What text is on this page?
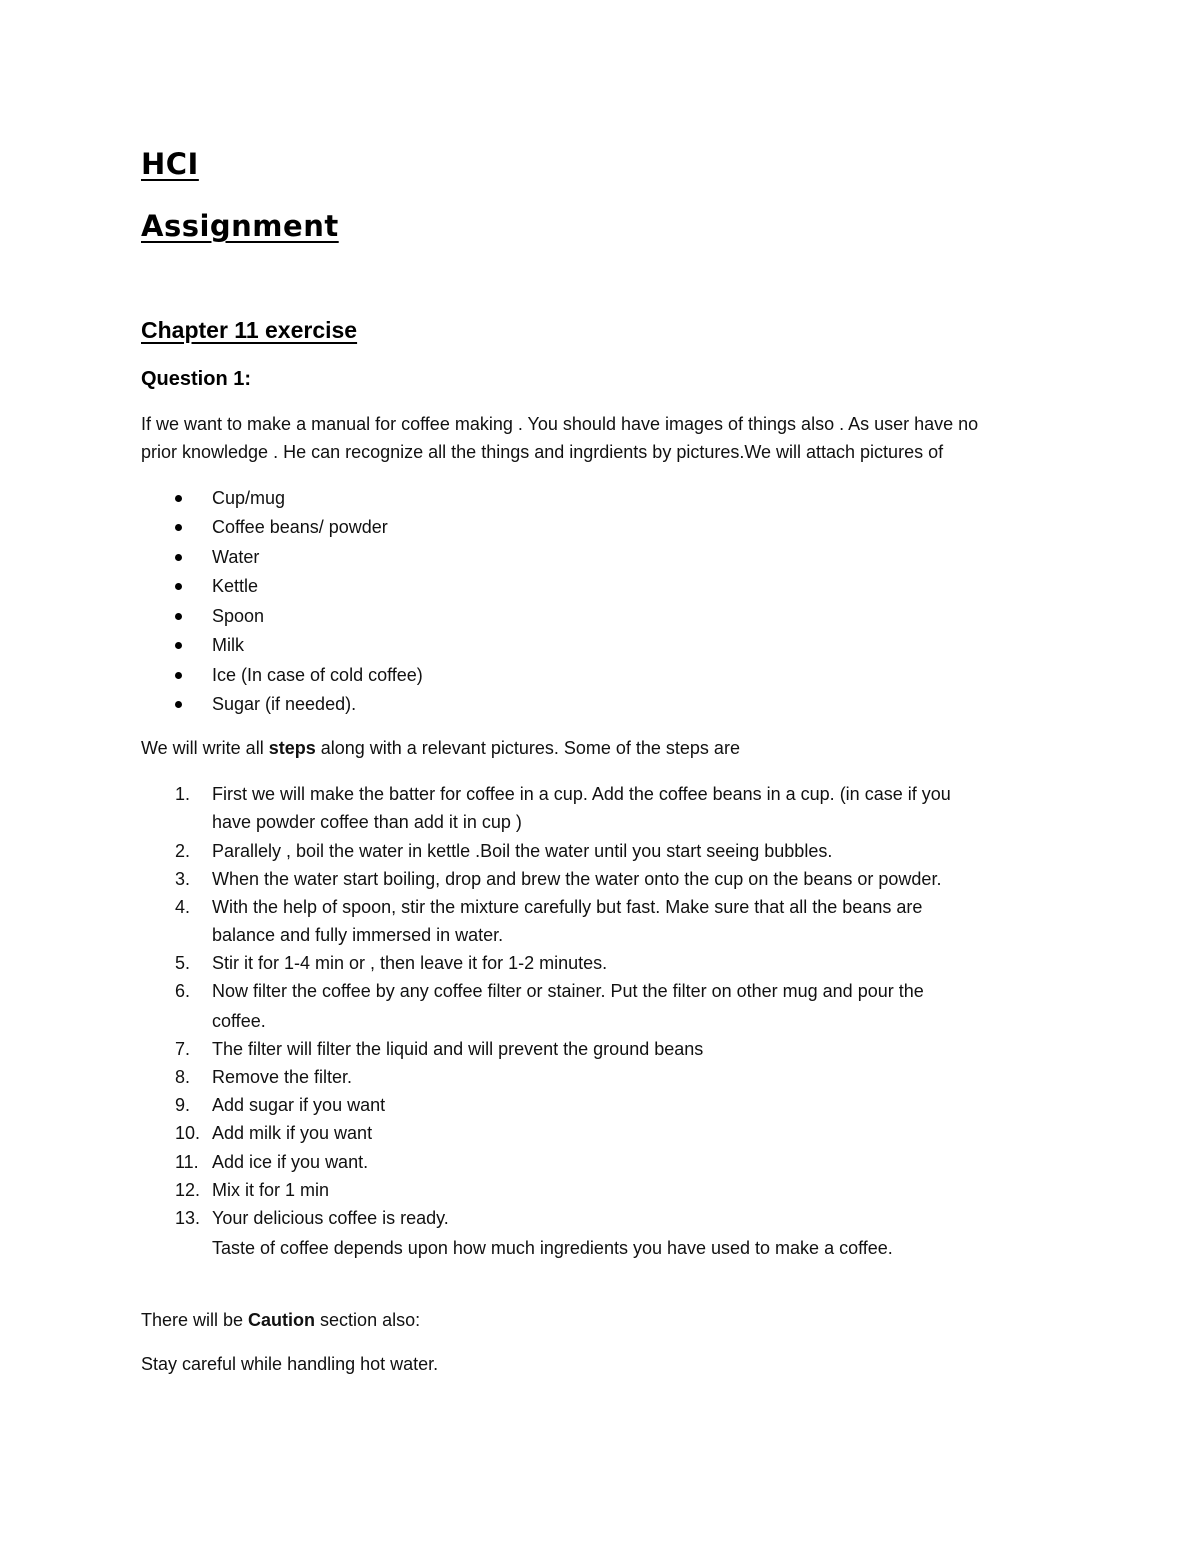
HCI
Assignment
Chapter 11 exercise
Question 1:
If we want to make a manual for coffee making . You should have images of things also . As user have no
prior knowledge . He can recognize all the things and ingrdients by pictures.We will attach pictures of
Cup/mug
Coffee beans/ powder
Water
Kettle
Spoon
Milk
Ice (In case of cold coffee)
Sugar (if needed).
We will write all steps along with a relevant pictures. Some of the steps are
1. First we will make the batter for coffee in a cup. Add the coffee beans in a cup. (in case if you
have powder coffee than add it in cup )
2. Parallely , boil the water in kettle .Boil the water until you start seeing bubbles.
3. When the water start boiling, drop and brew the water onto the cup on the beans or powder.
4. With the help of spoon, stir the mixture carefully but fast. Make sure that all the beans are
balance and fully immersed in water.
5. Stir it for 1-4 min or , then leave it for 1-2 minutes.
6. Now filter the coffee by any coffee filter or stainer. Put the filter on other mug and pour the
coffee.
7. The filter will filter the liquid and will prevent the ground beans
8. Remove the filter.
9. Add sugar if you want
10. Add milk if you want
11. Add ice if you want.
12. Mix it for 1 min
13. Your delicious coffee is ready.
Taste of coffee depends upon how much ingredients you have used to make a coffee.
There will be Caution section also:
Stay careful while handling hot water.
